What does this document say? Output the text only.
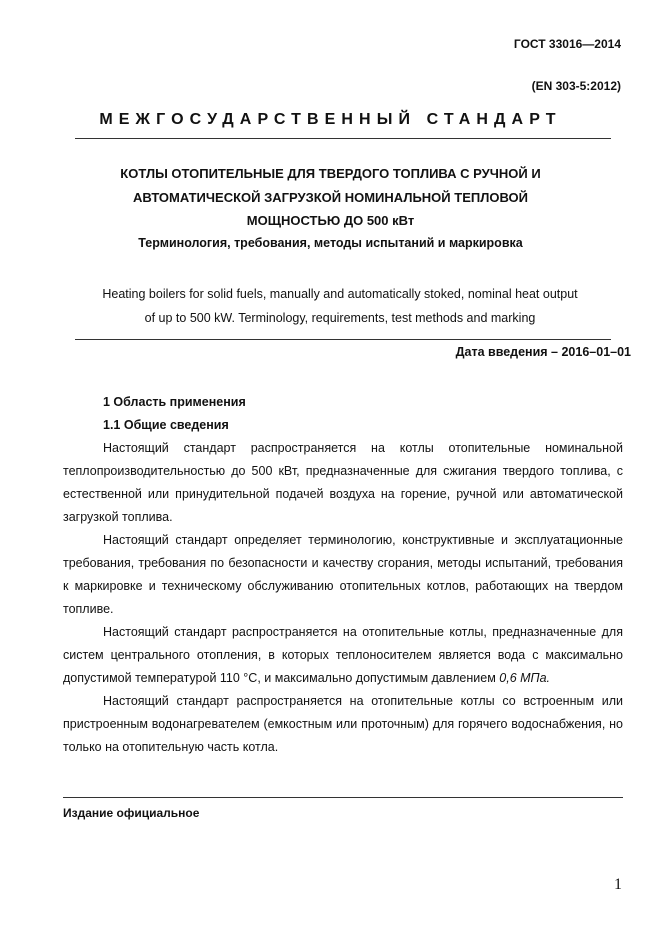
ГОСТ 33016—2014
(EN 303-5:2012)
МЕЖГОСУДАРСТВЕННЫЙ СТАНДАРТ
КОТЛЫ ОТОПИТЕЛЬНЫЕ ДЛЯ ТВЕРДОГО ТОПЛИВА С РУЧНОЙ И
АВТОМАТИЧЕСКОЙ ЗАГРУЗКОЙ НОМИНАЛЬНОЙ ТЕПЛОВОЙ
МОЩНОСТЬЮ ДО 500 кВт
Терминология, требования, методы испытаний и маркировка
Heating boilers for solid fuels, manually and automatically stoked, nominal heat output
of up to 500 kW. Terminology, requirements, test methods and marking
Дата введения – 2016–01–01
1 Область применения
1.1 Общие сведения

Настоящий стандарт распространяется на котлы отопительные номинальной теплопроизводительностью до 500 кВт, предназначенные для сжигания твердого топлива, с естественной или принудительной подачей воздуха на горение, ручной или автоматической загрузкой топлива.

Настоящий стандарт определяет терминологию, конструктивные и эксплуатационные требования, требования по безопасности и качеству сгорания, методы испытаний, требования к маркировке и техническому обслуживанию отопительных котлов, работающих на твердом топливе.

Настоящий стандарт распространяется на отопительные котлы, предназначенные для систем центрального отопления, в которых теплоносителем является вода с максимально допустимой температурой 110 °С, и максимально допустимым давлением 0,6 МПа.

Настоящий стандарт распространяется на отопительные котлы со встроенным или пристроенным водонагревателем (емкостным или проточным) для горячего водоснабжения, но только на отопительную часть котла.

Издание официальное
1
